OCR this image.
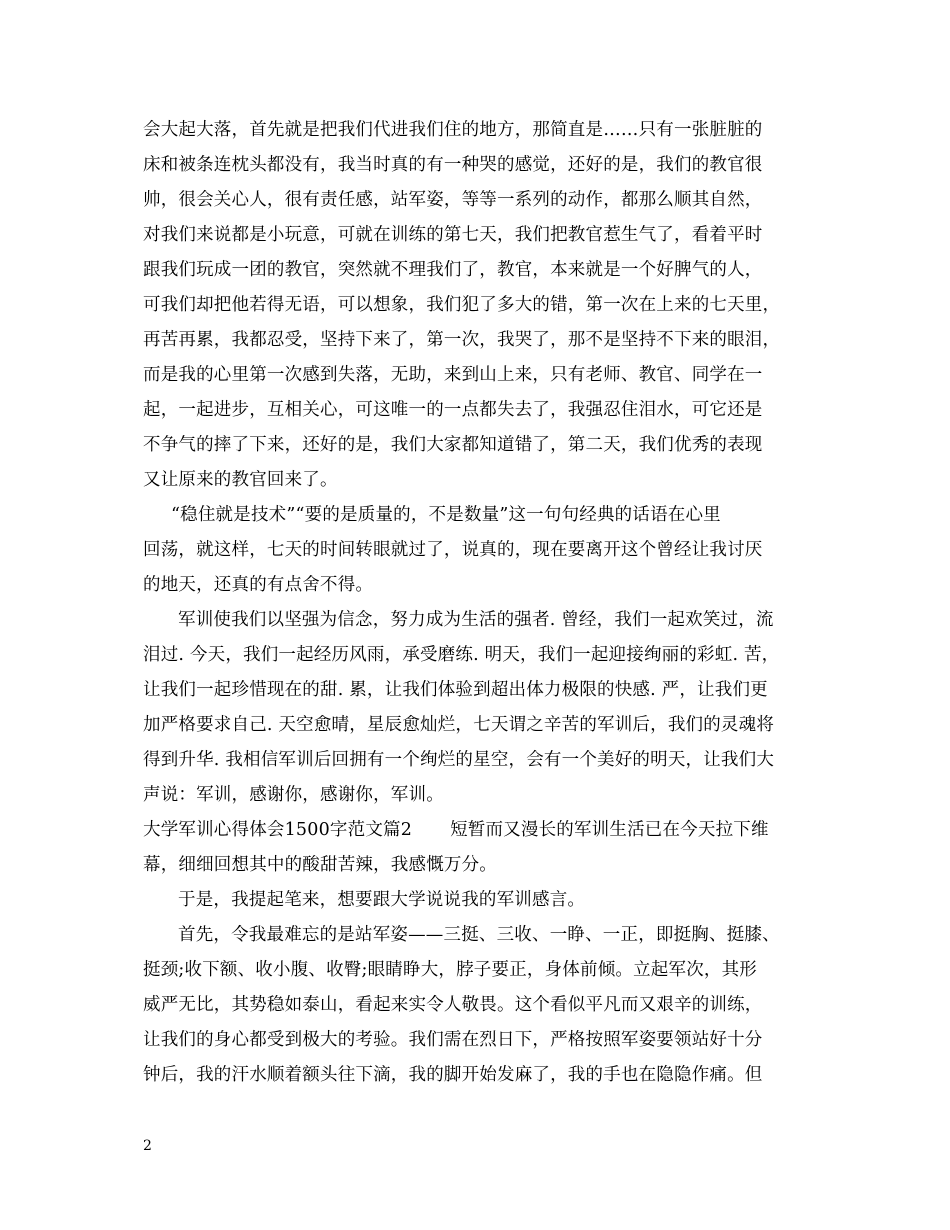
会大起大落，首先就是把我们代进我们住的地方，那简直是……只有一张脏脏的
床和被条连枕头都没有，我当时真的有一种哭的感觉，还好的是，我们的教官很
帅，很会关心人，很有责任感，站军姿，等等一系列的动作，都那么顺其自然，
对我们来说都是小玩意，可就在训练的第七天，我们把教官惹生气了，看着平时
跟我们玩成一团的教官，突然就不理我们了，教官，本来就是一个好脾气的人，
可我们却把他若得无语，可以想象，我们犯了多大的错，第一次在上来的七天里，
再苦再累，我都忍受，坚持下来了，第一次，我哭了，那不是坚持不下来的眼泪，
而是我的心里第一次感到失落，无助，来到山上来，只有老师、教官、同学在一
起，一起进步，互相关心，可这唯一的一点都失去了，我强忍住泪水，可它还是
不争气的摔了下来，还好的是，我们大家都知道错了，第二天，我们优秀的表现
又让原来的教官回来了。
“稳住就是技术”“要的是质量的，不是数量”这一句句经典的话语在心里
回荡，就这样，七天的时间转眼就过了，说真的，现在要离开这个曾经让我讨厌
的地天，还真的有点舍不得。
军训使我们以坚强为信念，努力成为生活的强者. 曾经，我们一起欢笑过，流
泪过. 今天，我们一起经历风雨，承受磨练. 明天，我们一起迎接绚丽的彩虹. 苦，
让我们一起珍惜现在的甜. 累，让我们体验到超出体力极限的快感. 严，让我们更
加严格要求自己. 天空愈晴，星辰愈灿烂，七天谓之辛苦的军训后，我们的灵魂将
得到升华. 我相信军训后回拥有一个绚烂的星空，会有一个美好的明天，让我们大
声说：军训，感谢你，感谢你，军训。
大学军训心得体会1500字范文篇2 短暂而又漫长的军训生活已在今天拉下维
幕，细细回想其中的酸甜苦辣，我感慨万分。
于是，我提起笔来，想要跟大学说说我的军训感言。
首先，令我最难忘的是站军姿——三挺、三收、一睁、一正，即挺胸、挺膝、
挺颈;收下额、收小腹、收臀;眼睛睁大，脖子要正，身体前倾。立起军次，其形
威严无比，其势稳如泰山，看起来实令人敬畏。这个看似平凡而又艰辛的训练，
让我们的身心都受到极大的考验。我们需在烈日下，严格按照军姿要领站好十分
钟后，我的汗水顺着额头往下滴，我的脚开始发麻了，我的手也在隐隐作痛。但
2
